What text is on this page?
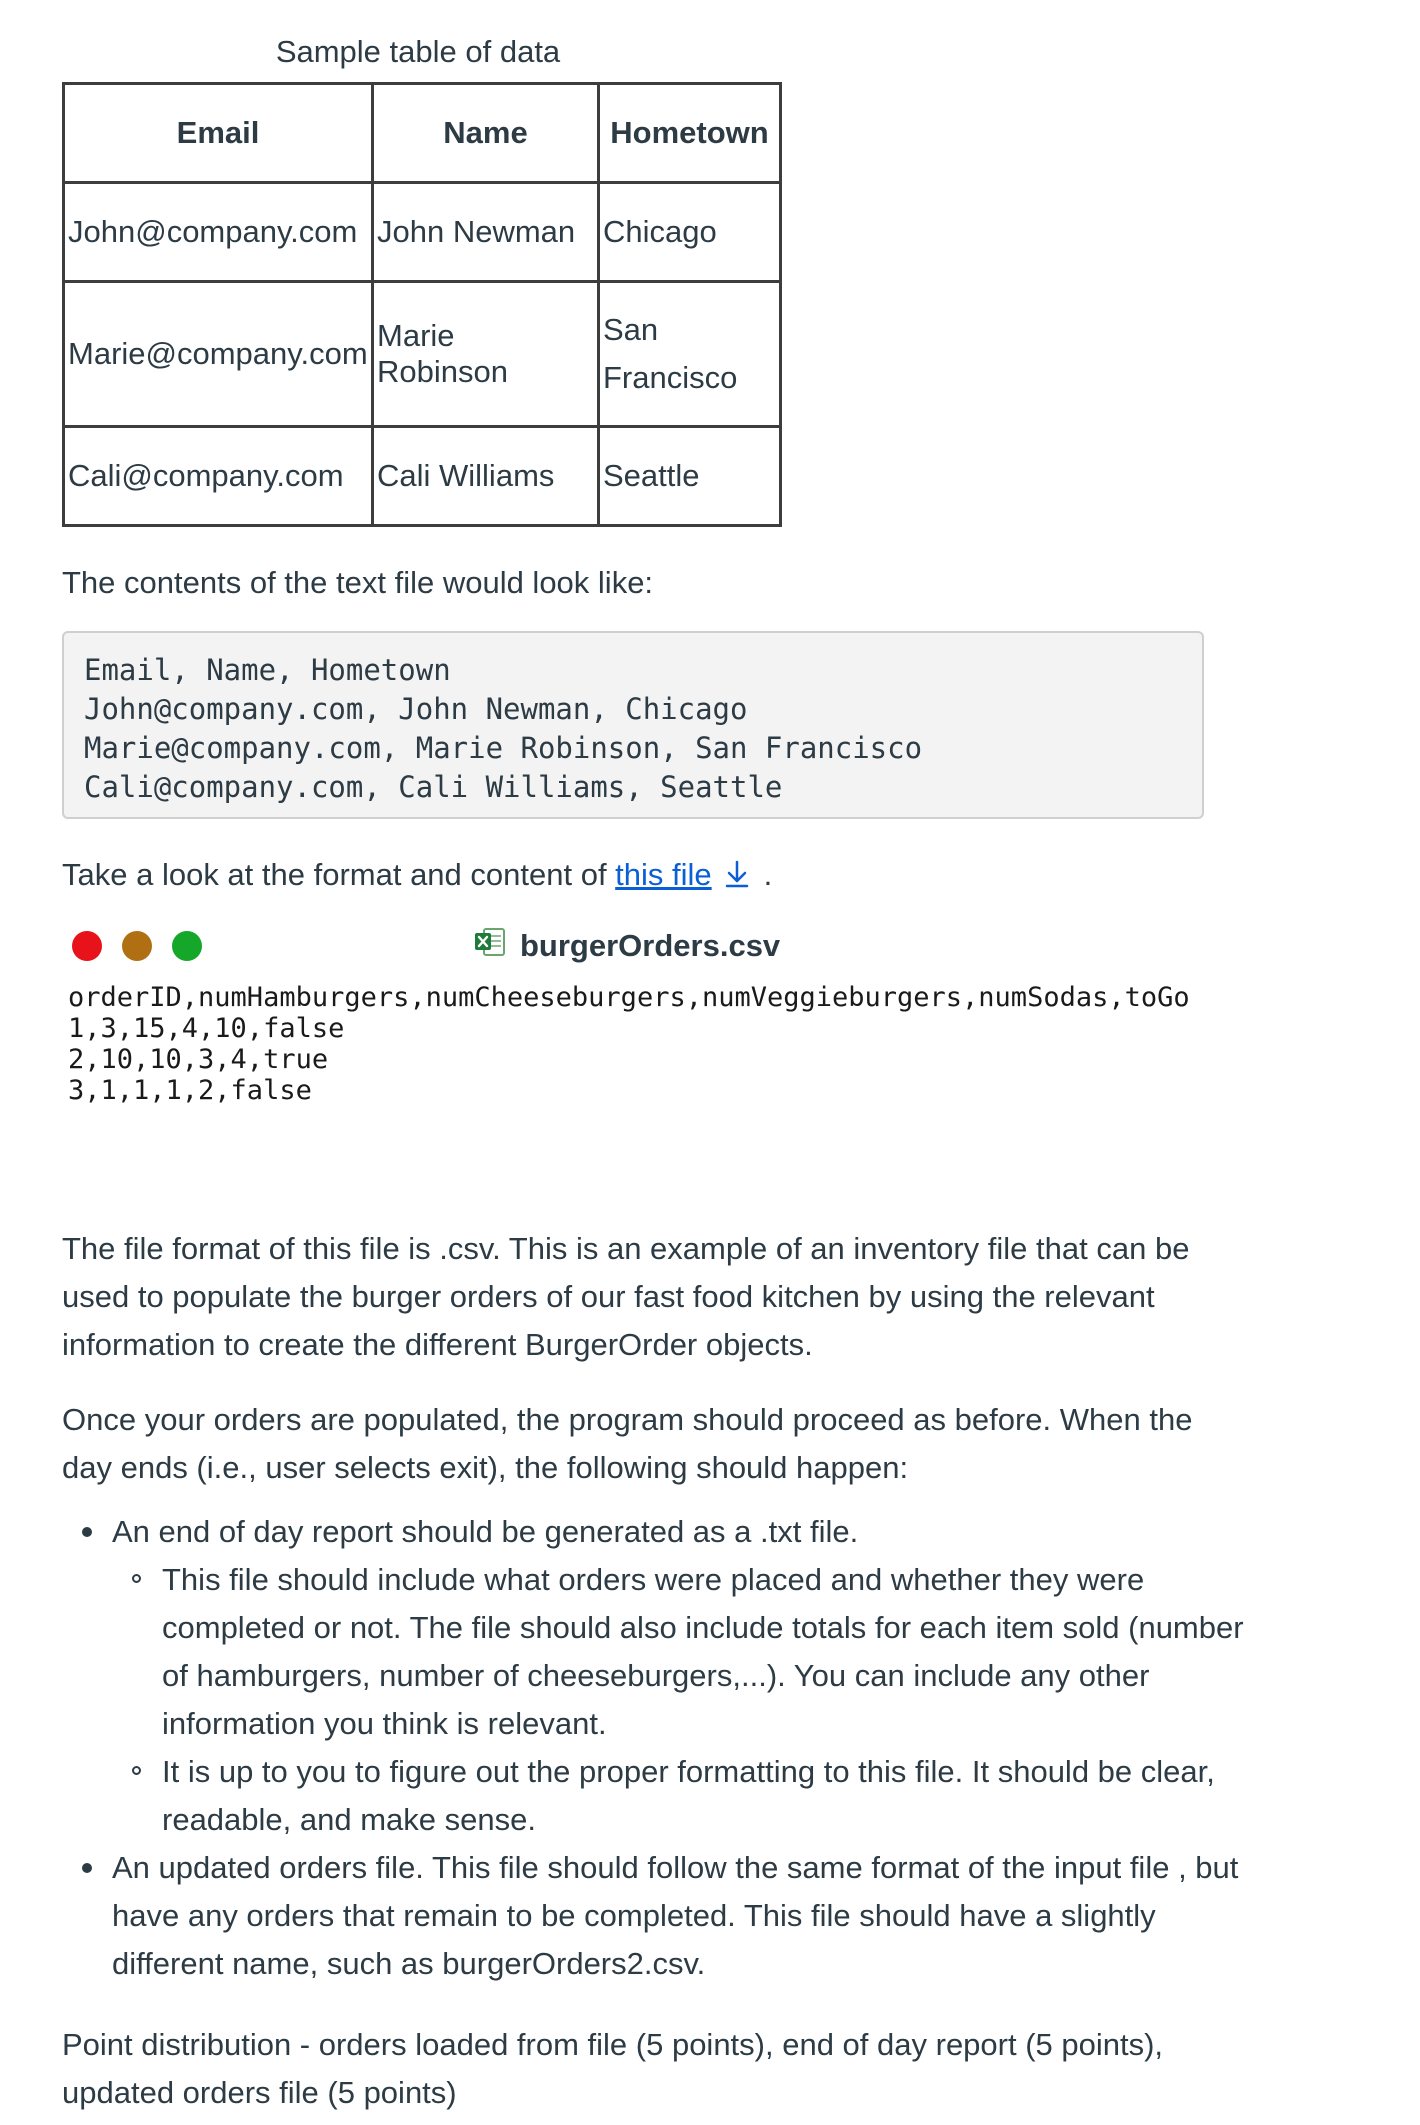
Sample table of data
Email	Name	Hometown
John@company.com	John Newman	Chicago
Marie@company.com	Marie Robinson	San Francisco
Cali@company.com	Cali Williams	Seattle
The contents of the text file would look like:
Email, Name, Hometown
John@company.com, John Newman, Chicago
Marie@company.com, Marie Robinson, San Francisco
Cali@company.com, Cali Williams, Seattle
Take a look at the format and content of this file .
burgerOrders.csv
orderID,numHamburgers,numCheeseburgers,numVeggieburgers,numSodas,toGo
1,3,15,4,10,false
2,10,10,3,4,true
3,1,1,1,2,false
The file format of this file is .csv. This is an example of an inventory file that can be used to populate the burger orders of our fast food kitchen by using the relevant information to create the different BurgerOrder objects.
Once your orders are populated, the program should proceed as before. When the day ends (i.e., user selects exit), the following should happen:
An end of day report should be generated as a .txt file.
This file should include what orders were placed and whether they were completed or not. The file should also include totals for each item sold (number of hamburgers, number of cheeseburgers,...). You can include any other information you think is relevant.
It is up to you to figure out the proper formatting to this file. It should be clear, readable, and make sense.
An updated orders file. This file should follow the same format of the input file , but have any orders that remain to be completed. This file should have a slightly different name, such as burgerOrders2.csv.
Point distribution - orders loaded from file (5 points), end of day report (5 points), updated orders file (5 points)
